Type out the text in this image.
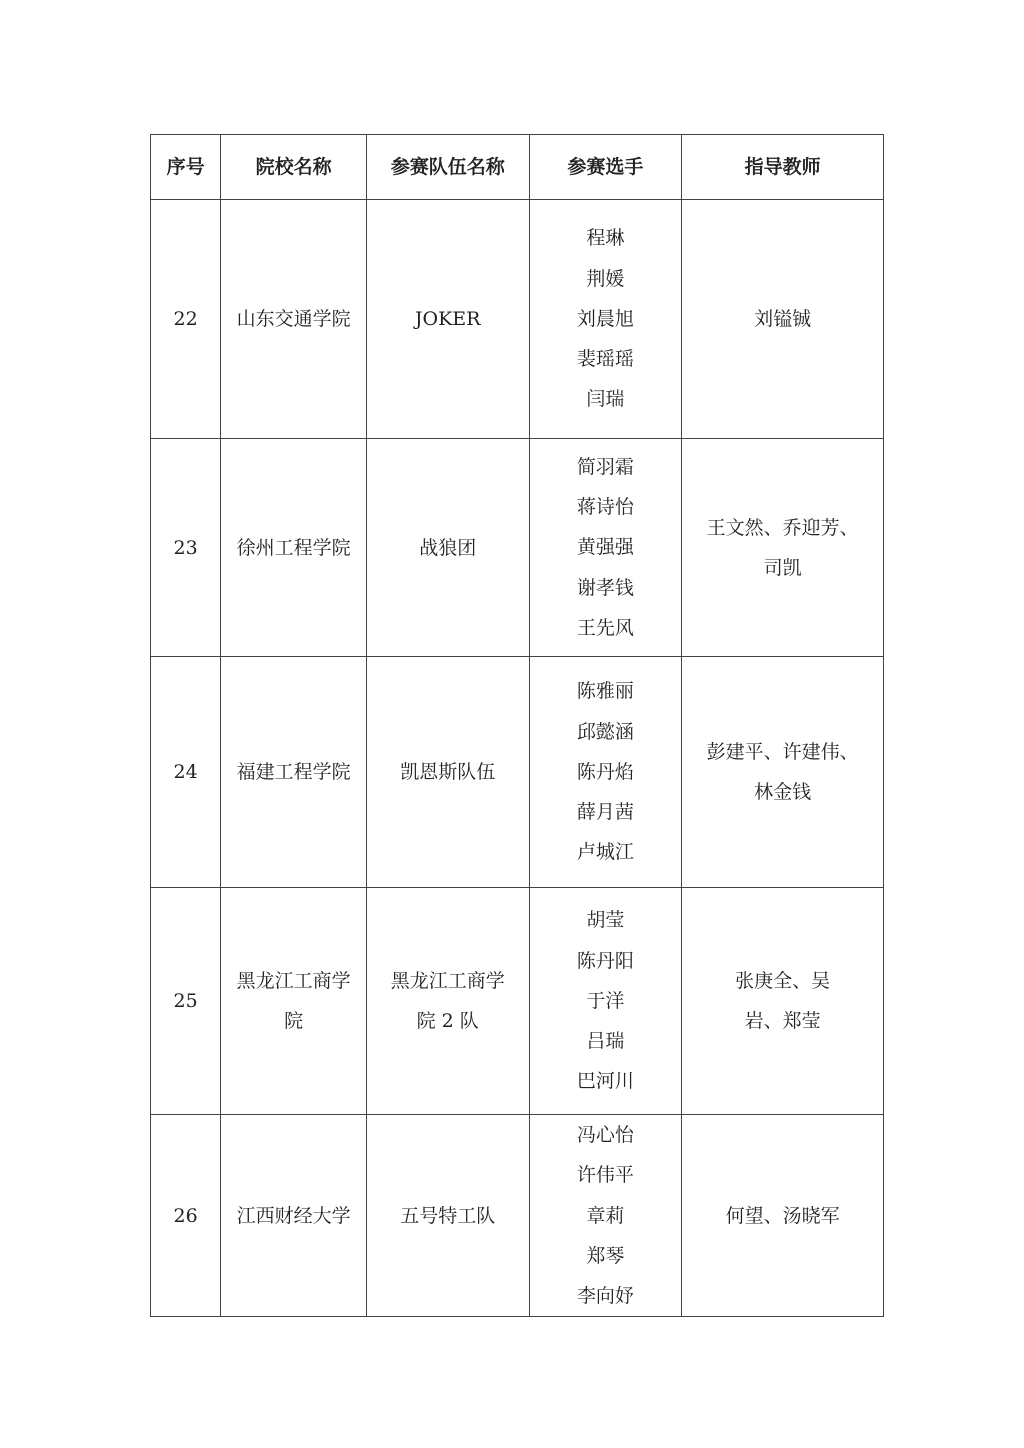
序号	院校名称	参赛队伍名称	参赛选手	指导教师
22	山东交通学院	JOKER	程琳
荆媛
刘晨旭
裴瑶瑶
闫瑞	刘镒铖
23	徐州工程学院	战狼团	简羽霜
蒋诗怡
黄强强
谢孝钱
王先风	王文然、乔迎芳、司凯
24	福建工程学院	凯恩斯队伍	陈雅丽
邱懿涵
陈丹焰
薛月茜
卢城江	彭建平、许建伟、林金钱
25	黑龙江工商学院	黑龙江工商学院 2 队	胡莹
陈丹阳
于洋
吕瑞
巴河川	张庚全、吴岩、郑莹
26	江西财经大学	五号特工队	冯心怡
许伟平
章莉
郑琴
李向妤	何望、汤晓军
